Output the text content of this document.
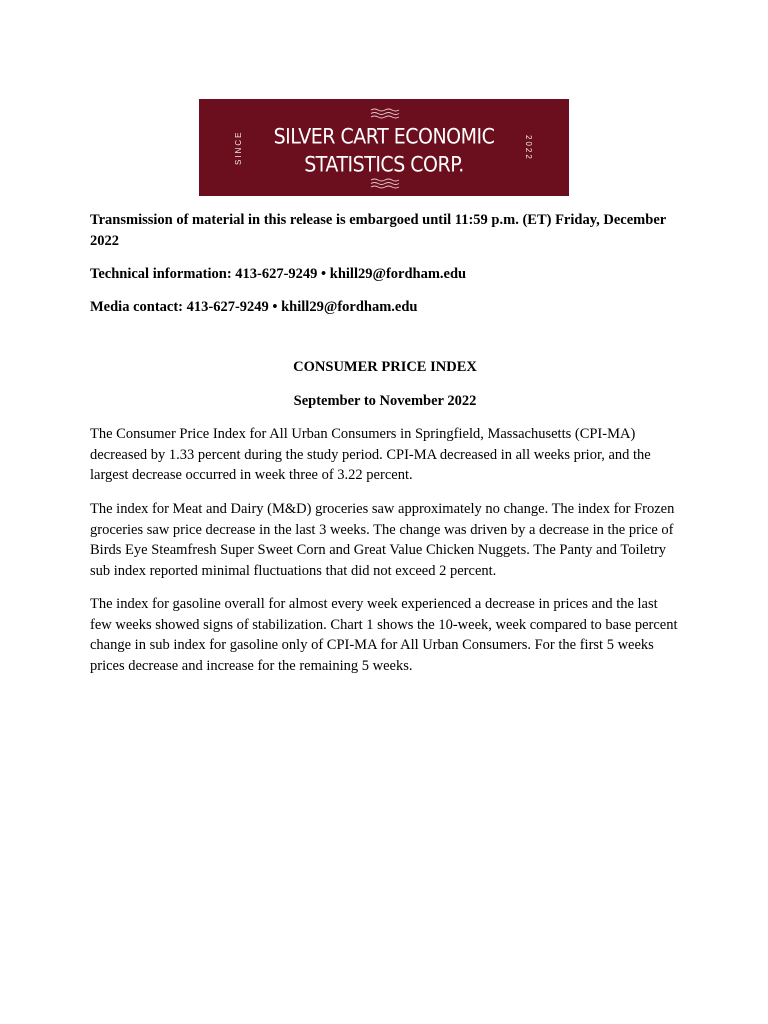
SINCE	SILVER CART ECONOMIC
STATISTICS CORP.
2022

Transmission of material in this release is embargoed until 11:59 p.m. (ET) Friday, December 2022

Technical information: 413-627-9249 • khill29@fordham.edu

Media contact: 413-627-9249 • khill29@fordham.edu

CONSUMER PRICE INDEX

September to November 2022

The Consumer Price Index for All Urban Consumers in Springfield, Massachusetts (CPI-MA) decreased by 1.33 percent during the study period. CPI-MA decreased in all weeks prior, and the largest decrease occurred in week three of 3.22 percent.

The index for Meat and Dairy (M&D) groceries saw approximately no change. The index for Frozen groceries saw price decrease in the last 3 weeks. The change was driven by a decrease in the price of Birds Eye Steamfresh Super Sweet Corn and Great Value Chicken Nuggets. The Panty and Toiletry sub index reported minimal fluctuations that did not exceed 2 percent.

The index for gasoline overall for almost every week experienced a decrease in prices and the last few weeks showed signs of stabilization. Chart 1 shows the 10-week, week compared to base percent change in sub index for gasoline only of CPI-MA for All Urban Consumers. For the first 5 weeks prices decrease and increase for the remaining 5 weeks.
